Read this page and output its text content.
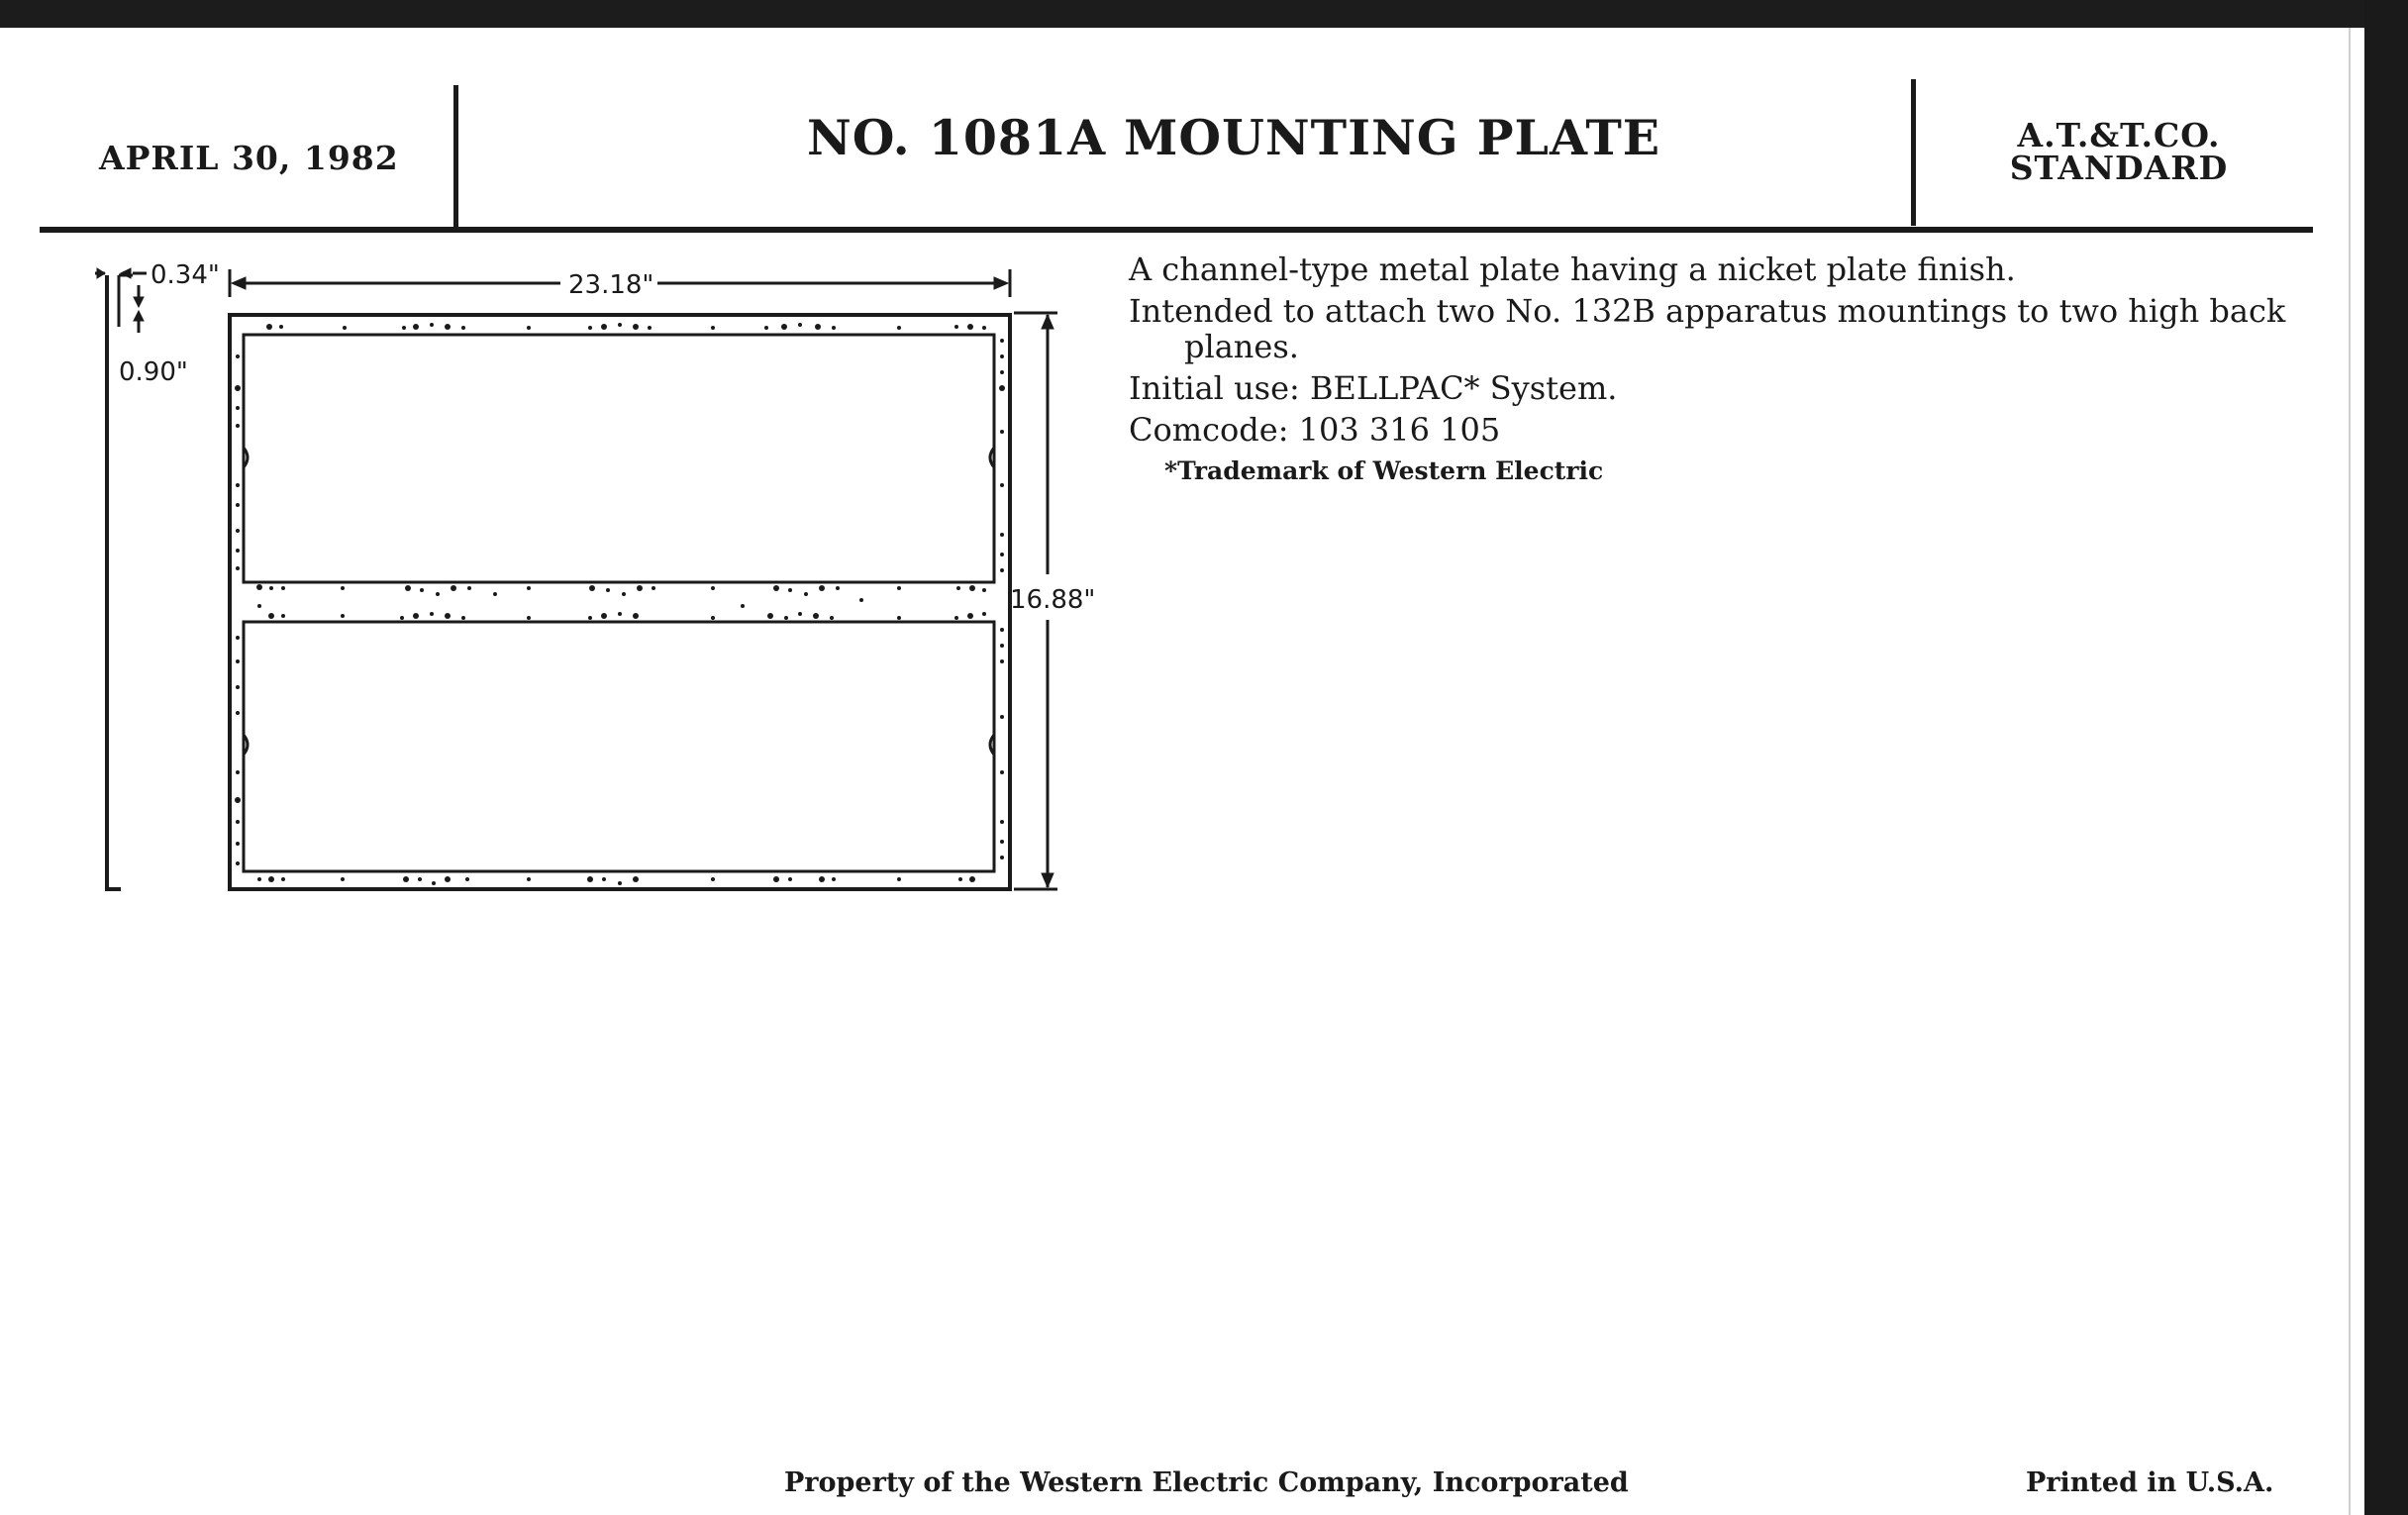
APRIL 30, 1982	NO. 1081A MOUNTING PLATE	A.T.&T.CO.
STANDARD

A channel-type metal plate having a nicket plate finish.

Intended to attach two No. 132B apparatus mountings to two high back planes.

Initial use: BELLPAC* System.

Comcode: 103 316 105

*Trademark of Western Electric

0.34"
0.90"
23.18"
16.88"
Property of the Western Electric Company, Incorporated	Printed in U.S.A.
